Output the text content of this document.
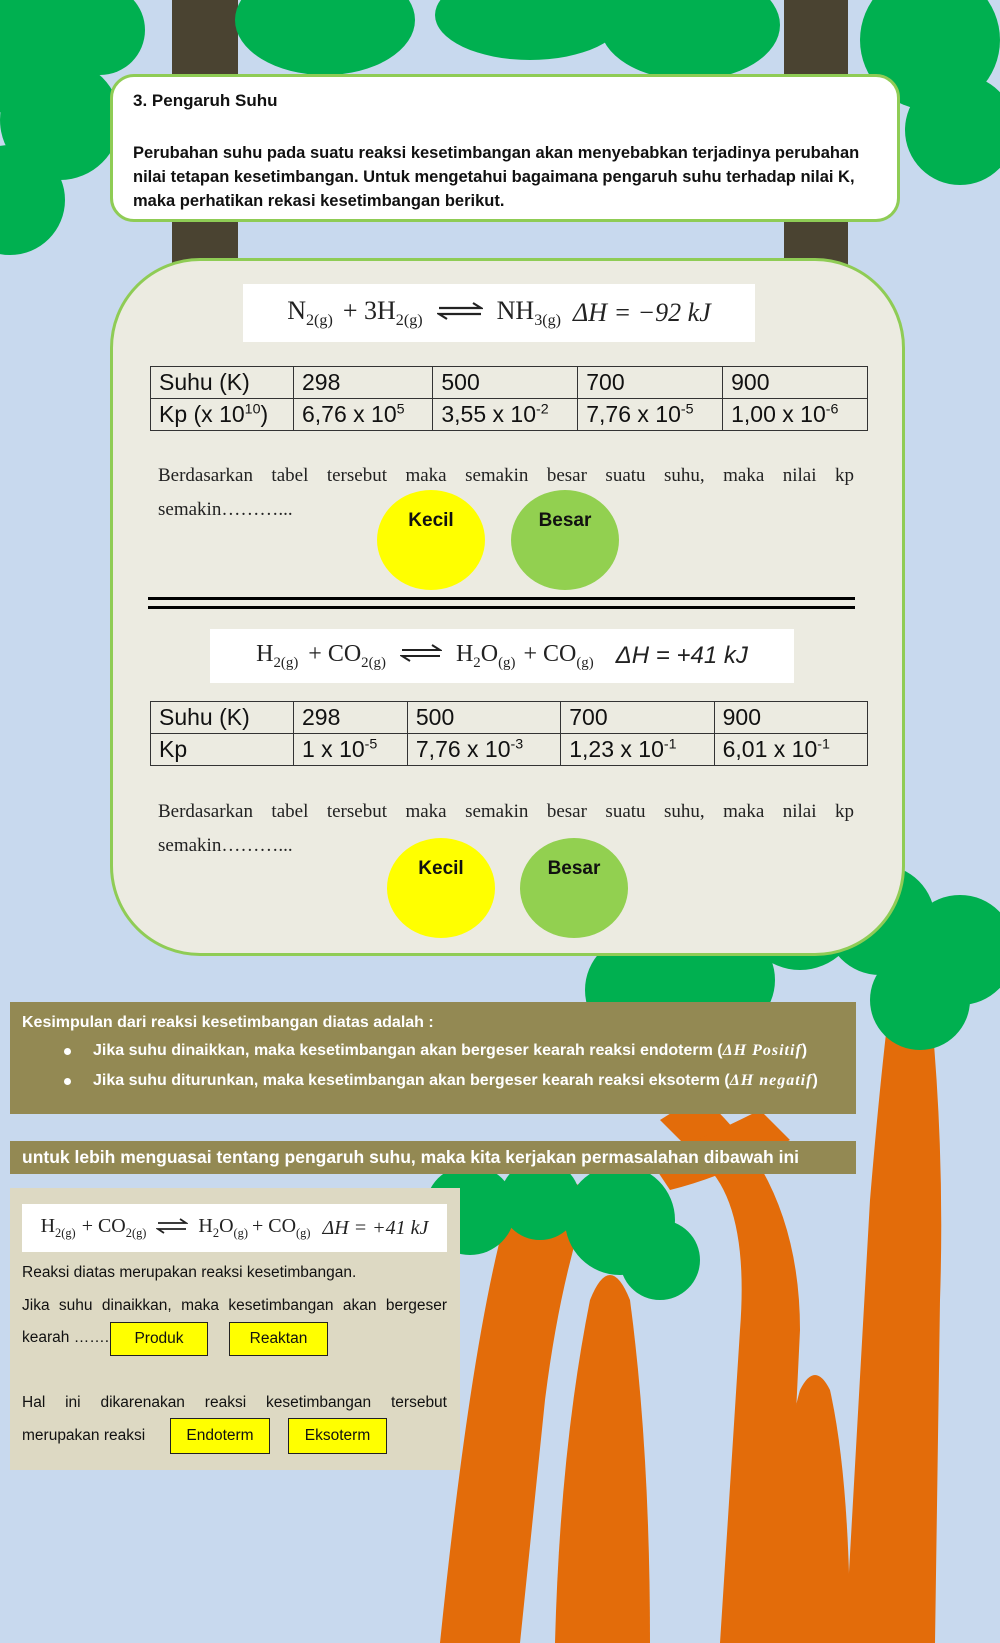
3. Pengaruh Suhu

Perubahan suhu pada suatu reaksi kesetimbangan akan menyebabkan terjadinya perubahan nilai tetapan kesetimbangan. Untuk mengetahui bagaimana pengaruh suhu terhadap nilai K, maka perhatikan rekasi kesetimbangan berikut.

$N_{2(g)} + 3H_{2(g)}$ ⇌ $NH_{3(g)}$ ΔH = −92 kJ
Suhu (K)	298	500	700	900
Kp (x $10^{10}$)	6,76 x $10^5$	3,55 x $10^{-2}$	7,76 x $10^{-5}$	1,00 x $10^{-6}$
Berdasarkan tabel tersebut maka semakin besar suatu suhu, maka nilai kp
semakin………...
Kecil	Besar
$H_{2(g)} + CO_{2(g)}$ ⇌ $H_2O_{(g)} + CO_{(g)}$ ΔH = +41 kJ
Suhu (K)	298	500	700	900
Kp	1 x $10^{-5}$	7,76 x $10^{-3}$	1,23 x $10^{-1}$	6,01 x $10^{-1}$
Berdasarkan tabel tersebut maka semakin besar suatu suhu, maka nilai kp
semakin………...
Kecil	Besar
Kesimpulan dari reaksi kesetimbangan diatas adalah :
Jika suhu dinaikkan, maka kesetimbangan akan bergeser kearah reaksi endoterm (ΔH Positif)
Jika suhu diturunkan, maka kesetimbangan akan bergeser kearah reaksi eksoterm (ΔH negatif)
untuk lebih menguasai tentang pengaruh suhu, maka kita kerjakan permasalahan dibawah ini
$H_{2(g)} + CO_{2(g)}$ ⇌ $H_2O_{(g)} + CO_{(g)}$ ΔH = +41 kJ
Reaksi diatas merupakan reaksi kesetimbangan.
Jika suhu dinaikkan, maka kesetimbangan akan bergeser
kearah …….	Produk	Reaktan
Hal ini dikarenakan reaksi kesetimbangan tersebut
merupakan reaksi	Endoterm	Eksoterm
